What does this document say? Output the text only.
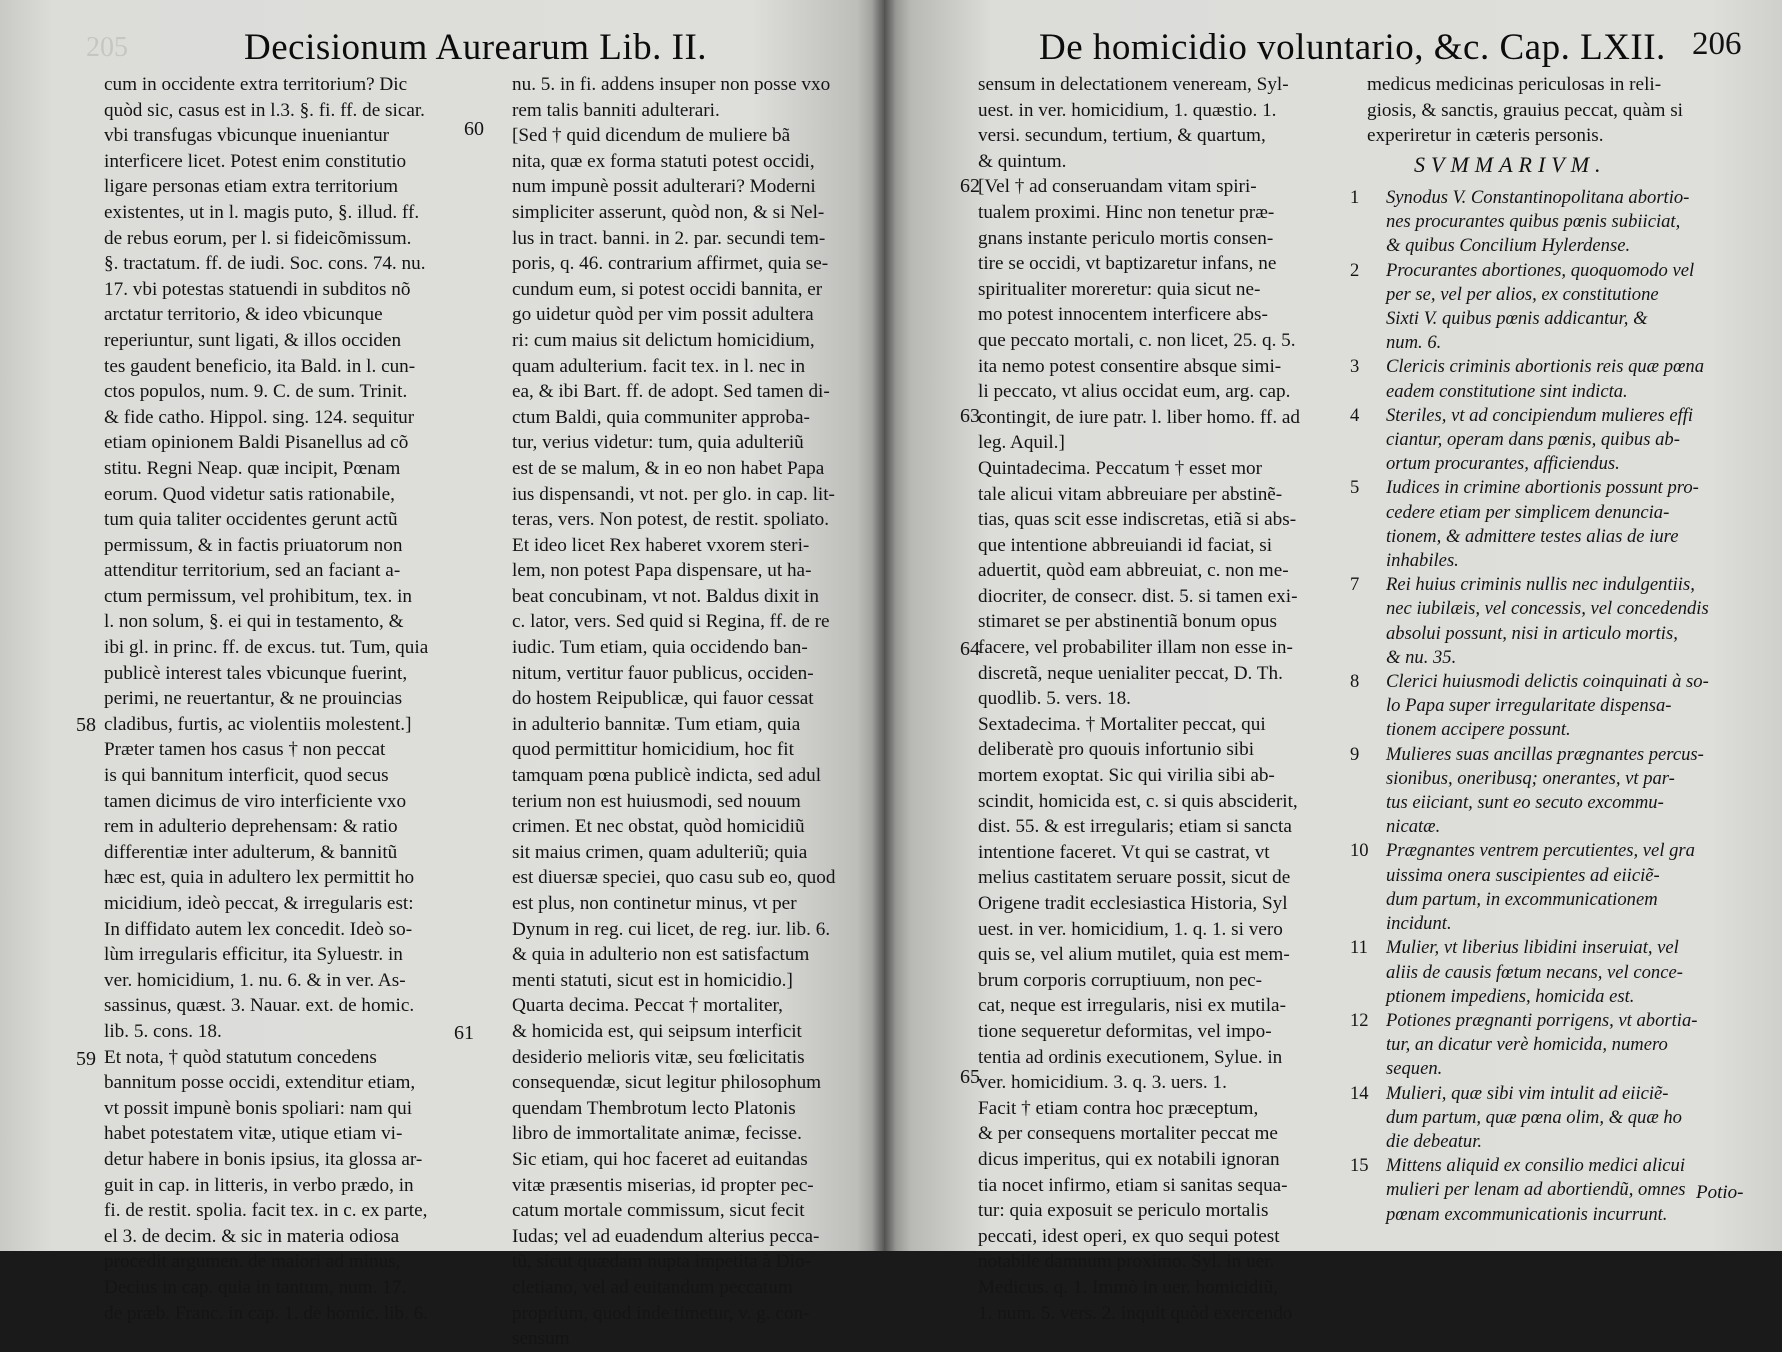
205	Decisionum Aurearum Lib. II.

cum in occidente extra territorium? Dic

quòd sic, casus est in l.3. §. fi. ff. de sicar.

vbi transfugas vbicunque inueniantur

interficere licet. Potest enim constitutio

ligare personas etiam extra territorium

existentes, ut in l. magis puto, §. illud. ff.

de rebus eorum, per l. si fideicõmissum.

§. tractatum. ff. de iudi. Soc. cons. 74. nu.

17. vbi potestas statuendi in subditos nõ

arctatur territorio, & ideo vbicunque

reperiuntur, sunt ligati, & illos occiden

tes gaudent beneficio, ita Bald. in l. cun-

ctos populos, num. 9. C. de sum. Trinit.

& fide catho. Hippol. sing. 124. sequitur

etiam opinionem Baldi Pisanellus ad cõ

stitu. Regni Neap. quæ incipit, Pœnam

eorum. Quod videtur satis rationabile,

tum quia taliter occidentes gerunt actũ

permissum, & in factis priuatorum non

attenditur territorium, sed an faciant a-

ctum permissum, vel prohibitum, tex. in

l. non solum, §. ei qui in testamento, &

ibi gl. in princ. ff. de excus. tut. Tum, quia

publicè interest tales vbicunque fuerint,

perimi, ne reuertantur, & ne prouincias

cladibus, furtis, ac violentiis molestent.]

Præter tamen hos casus † non peccat

is qui bannitum interficit, quod secus

tamen dicimus de viro interficiente vxo

rem in adulterio deprehensam: & ratio

differentiæ inter adulterum, & bannitũ

hæc est, quia in adultero lex permittit ho

micidium, ideò peccat, & irregularis est:

In diffidato autem lex concedit. Ideò so-

lùm irregularis efficitur, ita Syluestr. in

ver. homicidium, 1. nu. 6. & in ver. As-

sassinus, quæst. 3. Nauar. ext. de homic.

lib. 5. cons. 18.

Et nota, † quòd statutum concedens

bannitum posse occidi, extenditur etiam,

vt possit impunè bonis spoliari: nam qui

habet potestatem vitæ, utique etiam vi-

detur habere in bonis ipsius, ita glossa ar-

guit in cap. in litteris, in verbo prædo, in

fi. de restit. spolia. facit tex. in c. ex parte,

el 3. de decim. & sic in materia odiosa

procedit argumen. de maiori ad minus,

Decius in cap. quia in tantum, num. 17.

de præb. Franc. in cap. 1. de homic. lib. 6.

nu. 5. in fi. addens insuper non posse vxo

rem talis banniti adulterari.

[Sed † quid dicendum de muliere bã

nita, quæ ex forma statuti potest occidi,

num impunè possit adulterari? Moderni

simpliciter asserunt, quòd non, & si Nel-

lus in tract. banni. in 2. par. secundi tem-

poris, q. 46. contrarium affirmet, quia se-

cundum eum, si potest occidi bannita, er

go uidetur quòd per vim possit adultera

ri: cum maius sit delictum homicidium,

quam adulterium. facit tex. in l. nec in

ea, & ibi Bart. ff. de adopt. Sed tamen di-

ctum Baldi, quia communiter approba-

tur, verius videtur: tum, quia adulteriũ

est de se malum, & in eo non habet Papa

ius dispensandi, vt not. per glo. in cap. lit-

teras, vers. Non potest, de restit. spoliato.

Et ideo licet Rex haberet vxorem steri-

lem, non potest Papa dispensare, ut ha-

beat concubinam, vt not. Baldus dixit in

c. lator, vers. Sed quid si Regina, ff. de re

iudic. Tum etiam, quia occidendo ban-

nitum, vertitur fauor publicus, occiden-

do hostem Reipublicæ, qui fauor cessat

in adulterio bannitæ. Tum etiam, quia

quod permittitur homicidium, hoc fit

tamquam pœna publicè indicta, sed adul

terium non est huiusmodi, sed nouum

crimen. Et nec obstat, quòd homicidiũ

sit maius crimen, quam adulteriũ; quia

est diuersæ speciei, quo casu sub eo, quod

est plus, non continetur minus, vt per

Dynum in reg. cui licet, de reg. iur. lib. 6.

& quia in adulterio non est satisfactum

menti statuti, sicut est in homicidio.]

Quarta decima. Peccat † mortaliter,

& homicida est, qui seipsum interficit

desiderio melioris vitæ, seu fœlicitatis

consequendæ, sicut legitur philosophum

quendam Thembrotum lecto Platonis

libro de immortalitate animæ, fecisse.

Sic etiam, qui hoc faceret ad euitandas

vitæ præsentis miserias, id propter pec-

catum mortale commissum, sicut fecit

Iudas; vel ad euadendum alterius pecca-

tũ, sicut quædam nupta impetita à Dio-

cletiano, vel ad euitandum peccatum

proprium, quod inde timetur, v. g. con-

sensum

60
58
61
59
De homicidio voluntario, &c. Cap. LXII. 206

sensum in delectationem veneream, Syl-

uest. in ver. homicidium, 1. quæstio. 1.

versi. secundum, tertium, & quartum,

& quintum.

[Vel † ad conseruandam vitam spiri-

tualem proximi. Hinc non tenetur præ-

gnans instante periculo mortis consen-

tire se occidi, vt baptizaretur infans, ne

spiritualiter moreretur: quia sicut ne-

mo potest innocentem interficere abs-

que peccato mortali, c. non licet, 25. q. 5.

ita nemo potest consentire absque simi-

li peccato, vt alius occidat eum, arg. cap.

contingit, de iure patr. l. liber homo. ff. ad

leg. Aquil.]

Quintadecima. Peccatum † esset mor

tale alicui vitam abbreuiare per abstinẽ-

tias, quas scit esse indiscretas, etiã si abs-

que intentione abbreuiandi id faciat, si

aduertit, quòd eam abbreuiat, c. non me-

diocriter, de consecr. dist. 5. si tamen exi-

stimaret se per abstinentiã bonum opus

facere, vel probabiliter illam non esse in-

discretã, neque uenialiter peccat, D. Th.

quodlib. 5. vers. 18.

Sextadecima. † Mortaliter peccat, qui

deliberatè pro quouis infortunio sibi

mortem exoptat. Sic qui virilia sibi ab-

scindit, homicida est, c. si quis absciderit,

dist. 55. & est irregularis; etiam si sancta

intentione faceret. Vt qui se castrat, vt

melius castitatem seruare possit, sicut de

Origene tradit ecclesiastica Historia, Syl

uest. in ver. homicidium, 1. q. 1. si vero

quis se, vel alium mutilet, quia est mem-

brum corporis corruptiuum, non pec-

cat, neque est irregularis, nisi ex mutila-

tione sequeretur deformitas, vel impo-

tentia ad ordinis executionem, Sylue. in

ver. homicidium. 3. q. 3. uers. 1.

Facit † etiam contra hoc præceptum,

& per consequens mortaliter peccat me

dicus imperitus, qui ex notabili ignoran

tia nocet infirmo, etiam si sanitas sequa-

tur: quia exposuit se periculo mortalis

peccati, idest operi, ex quo sequi potest

notabile damnum proximo. Syl. in uer.

Medicus. q. 1. Immò in uer. homicidiũ,

1. num. 5. vers. 2. inquit quòd exercendo

medicus medicinas periculosas in reli-

giosis, & sanctis, grauius peccat, quàm si

experiretur in cæteris personis.

SVMMARIVM.
1 Synodus V. Constantinopolitana abortio-

nes procurantes quibus pœnis subiiciat,

& quibus Concilium Hylerdense.

2 Procurantes abortiones, quoquomodo vel

per se, vel per alios, ex constitutione

Sixti V. quibus pœnis addicantur, &

num. 6.

3 Clericis criminis abortionis reis quæ pœna

eadem constitutione sint indicta.

4 Steriles, vt ad concipiendum mulieres effi

ciantur, operam dans pœnis, quibus ab-

ortum procurantes, afficiendus.

5 Iudices in crimine abortionis possunt pro-

cedere etiam per simplicem denuncia-

tionem, & admittere testes alias de iure

inhabiles.

7 Rei huius criminis nullis nec indulgentiis,

nec iubilæis, vel concessis, vel concedendis

absolui possunt, nisi in articulo mortis,

& nu. 35.

8 Clerici huiusmodi delictis coinquinati à so-

lo Papa super irregularitate dispensa-

tionem accipere possunt.

9 Mulieres suas ancillas prægnantes percus-

sionibus, oneribusq; onerantes, vt par-

tus eiiciant, sunt eo secuto excommu-

nicatæ.

10 Prægnantes ventrem percutientes, vel gra

uissima onera suscipientes ad eiiciẽ-

dum partum, in excommunicationem

incidunt.

11 Mulier, vt liberius libidini inseruiat, vel

aliis de causis fœtum necans, vel conce-

ptionem impediens, homicida est.

12 Potiones prægnanti porrigens, vt abortia-

tur, an dicatur verè homicida, numero

sequen.

14 Mulieri, quæ sibi vim intulit ad eiiciẽ-

dum partum, quæ pœna olim, & quæ ho

die debeatur.

15 Mittens aliquid ex consilio medici alicui

mulieri per lenam ad abortiendũ, omnes

pœnam excommunicationis incurrunt.

62
63
64
65
Potio-
